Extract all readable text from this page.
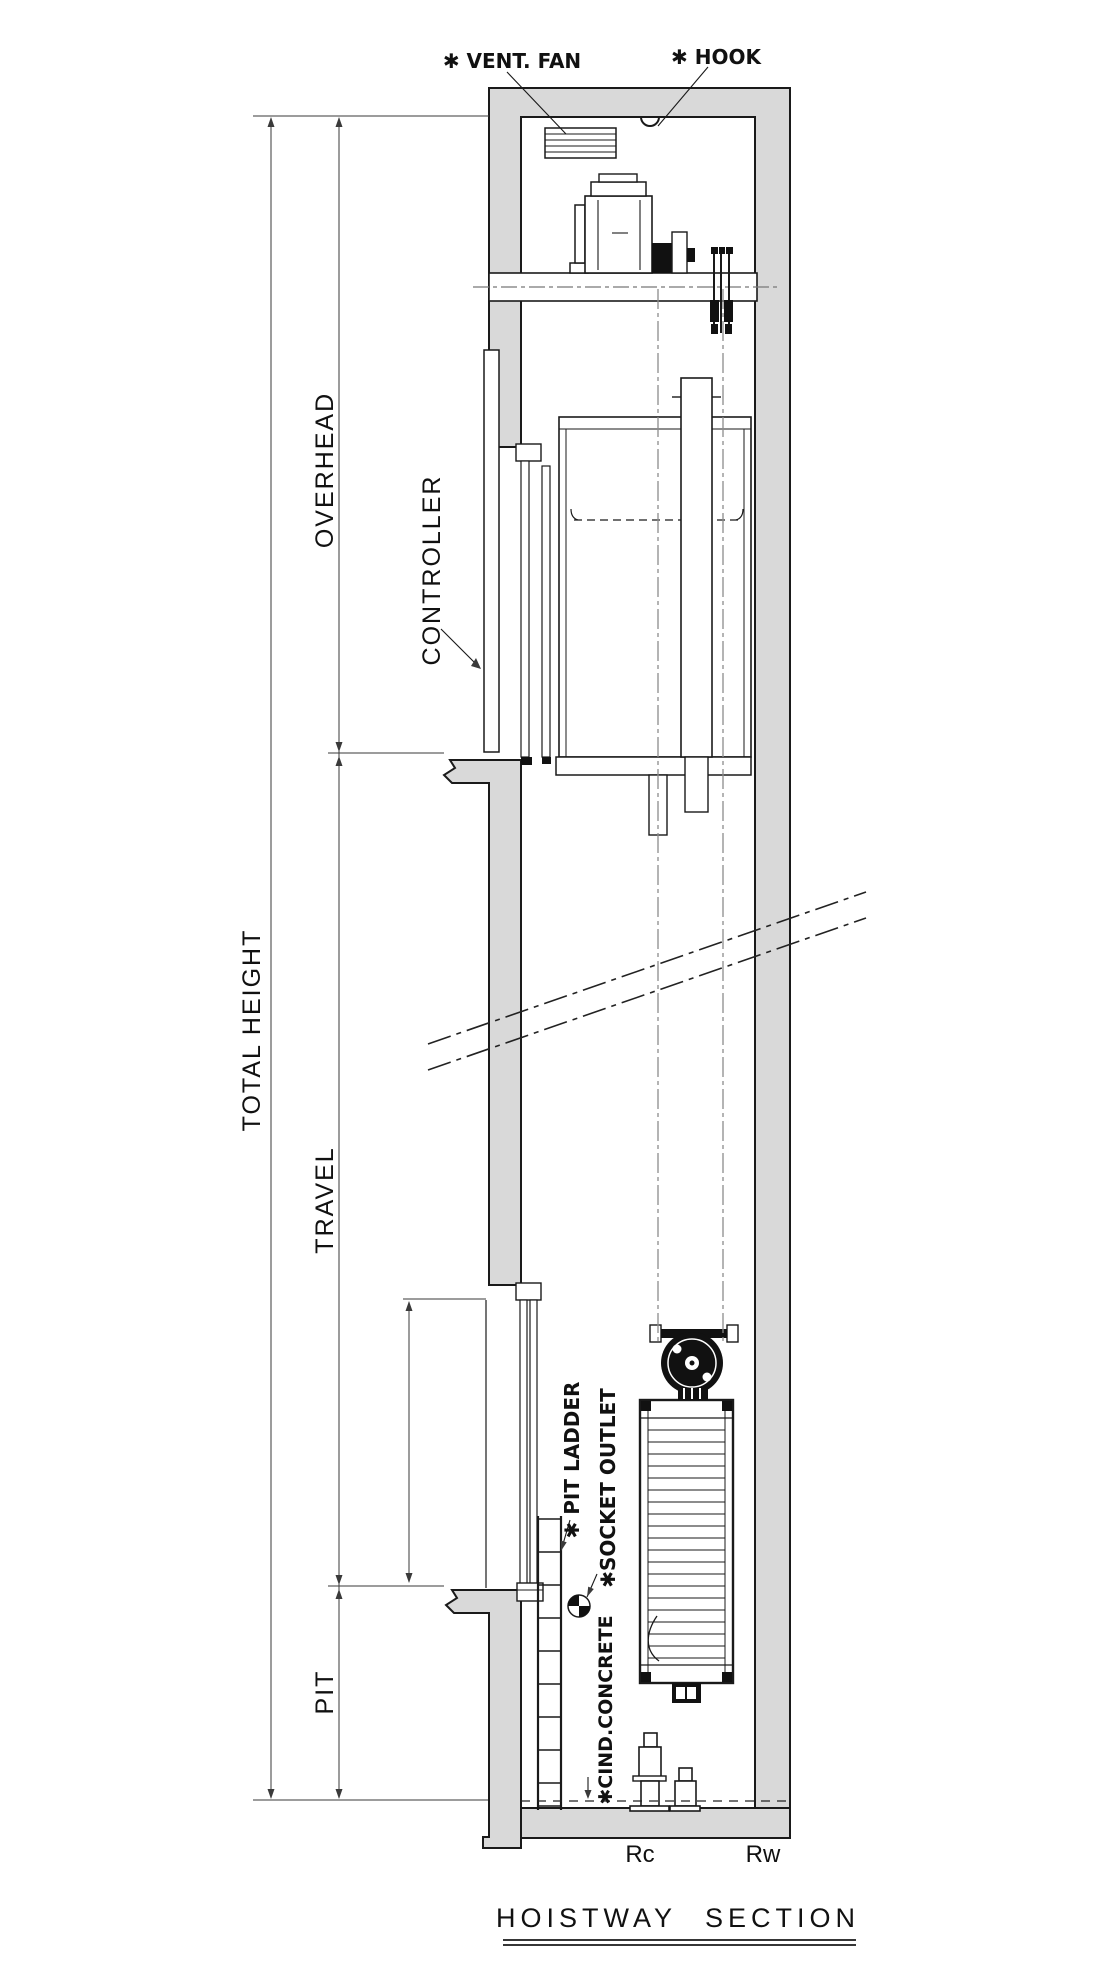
✱ VENT. FAN	✱ HOOK
OVERHEAD
TRAVEL
PIT
TOTAL HEIGHT
CONTROLLER
✱ PIT LADDER ✱SOCKET OUTLET
✱CIND.CONCRETE
Rc	Rw
HOISTWAY SECTION
